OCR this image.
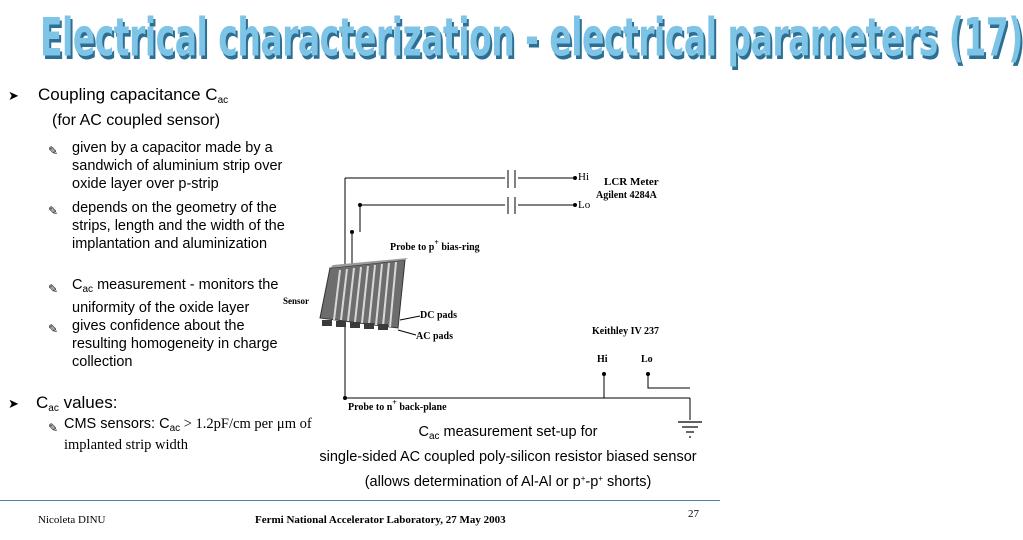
Electrical characterization - electrical parameters (17)
➤ Coupling capacitance $C_{ac}$
(for AC coupled sensor)
✎ given by a capacitor made by a
sandwich of aluminium strip over
oxide layer over p-strip
✎ depends on the geometry of the
strips, length and the width of the
implantation and aluminization
✎ $C_{ac}$ measurement - monitors the
uniformity of the oxide layer
✎ gives confidence about the
resulting homogeneity in charge
collection
➤ $C_{ac}$ values:
✎ CMS sensors: $C_{ac} > 1.2pF/cm$ per μm of
implanted strip width
Hi
Lo
LCR Meter
Agilent 4284A
Probe to p+ bias-ring
Sensor
DC pads
AC pads	Keithley IV 237
Hi	Lo
Probe to n+ back-plane
$C_{ac}$ measurement set-up for
single-sided AC coupled poly-silicon resistor biased sensor
(allows determination of Al-Al or p+-p+ shorts)
Nicoleta DINU	Fermi National Accelerator Laboratory, 27 May 2003	27
